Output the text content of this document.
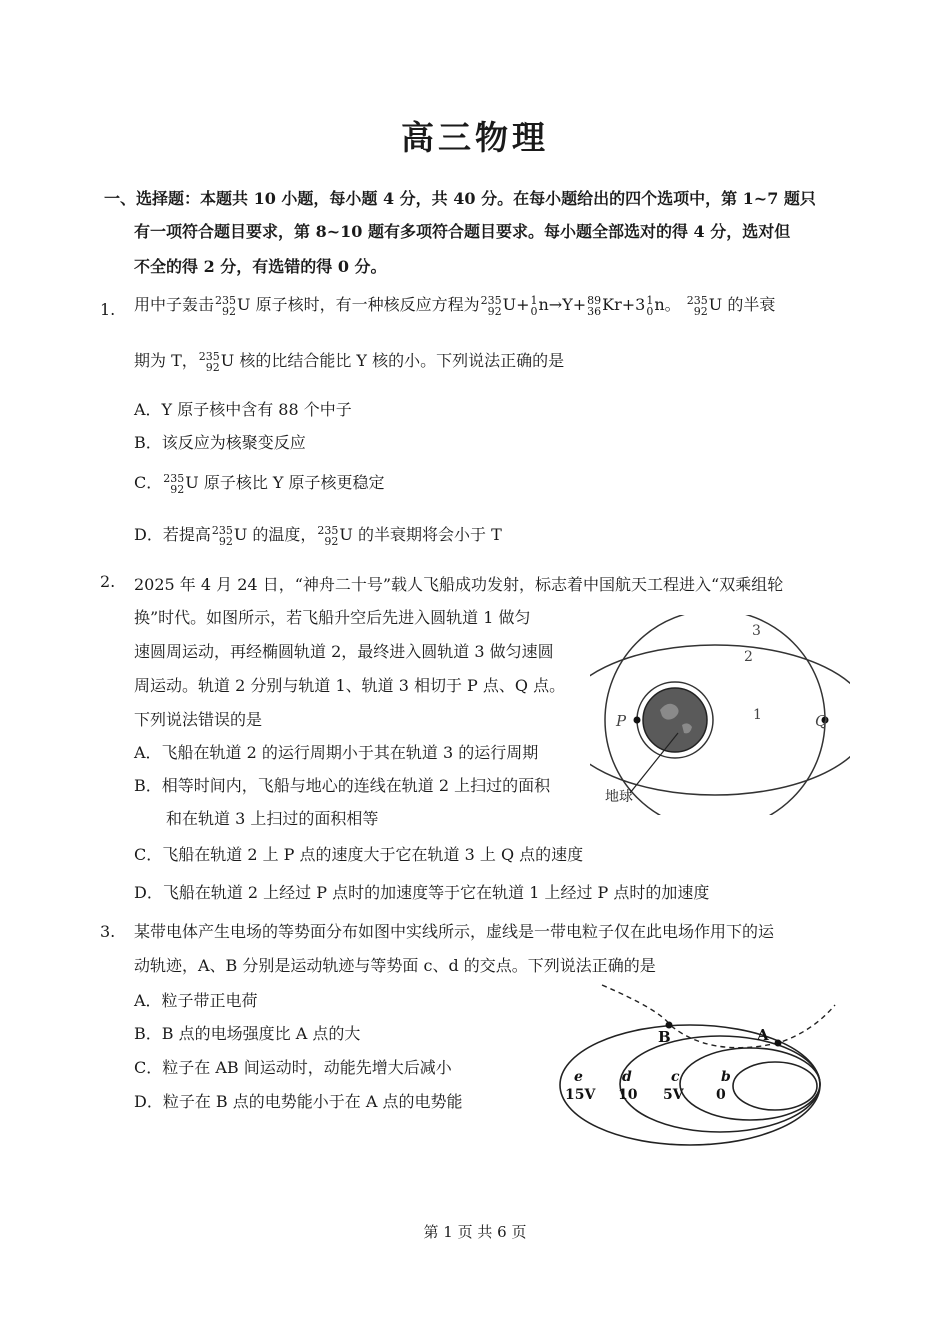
高三物理
一、选择题：本题共 10 小题，每小题 4 分，共 40 分。在每小题给出的四个选项中，第 1~7 题只
有一项符合题目要求，第 8~10 题有多项符合题目要求。每小题全部选对的得 4 分，选对但
不全的得 2 分，有选错的得 0 分。
1. 用中子轰击 235
92 U 原子核时，有一种核反应方程为 235
92 U+ 1
0 n→Y+ 89
36 Kr+3 1
0 n。 235
92 U 的半衰
期为 T， 235
92 U 核的比结合能比 Y 核的小。下列说法正确的是
A．Y 原子核中含有 88 个中子
B．该反应为核聚变反应
C． 235
92 U 原子核比 Y 原子核更稳定
D．若提高 235
92 U 的温度， 235
92 U 的半衰期将会小于 T
2. 2025 年 4 月 24 日，“神舟二十号”载人飞船成功发射，标志着中国航天工程进入“双乘组轮
换”时代。如图所示，若飞船升空后先进入圆轨道 1 做匀
速圆周运动，再经椭圆轨道 2，最终进入圆轨道 3 做匀速圆
周运动。轨道 2 分别与轨道 1、轨道 3 相切于 P 点、Q 点。
下列说法错误的是
A．飞船在轨道 2 的运行周期小于其在轨道 3 的运行周期
B．相等时间内，飞船与地心的连线在轨道 2 上扫过的面积
和在轨道 3 上扫过的面积相等
C．飞船在轨道 2 上 P 点的速度大于它在轨道 3 上 Q 点的速度
D．飞船在轨道 2 上经过 P 点时的加速度等于它在轨道 1 上经过 P 点时的加速度
P	Q
3
2
1
地球
3. 某带电体产生电场的等势面分布如图中实线所示，虚线是一带电粒子仅在此电场作用下的运
动轨迹，A、B 分别是运动轨迹与等势面 c、d 的交点。下列说法正确的是
A．粒子带正电荷
B．B 点的电场强度比 A 点的大
C．粒子在 AB 间运动时，动能先增大后减小
D．粒子在 B 点的电势能小于在 A 点的电势能
B	A
e
15V
d
10
c
5V
b
0
第 1 页 共 6 页
